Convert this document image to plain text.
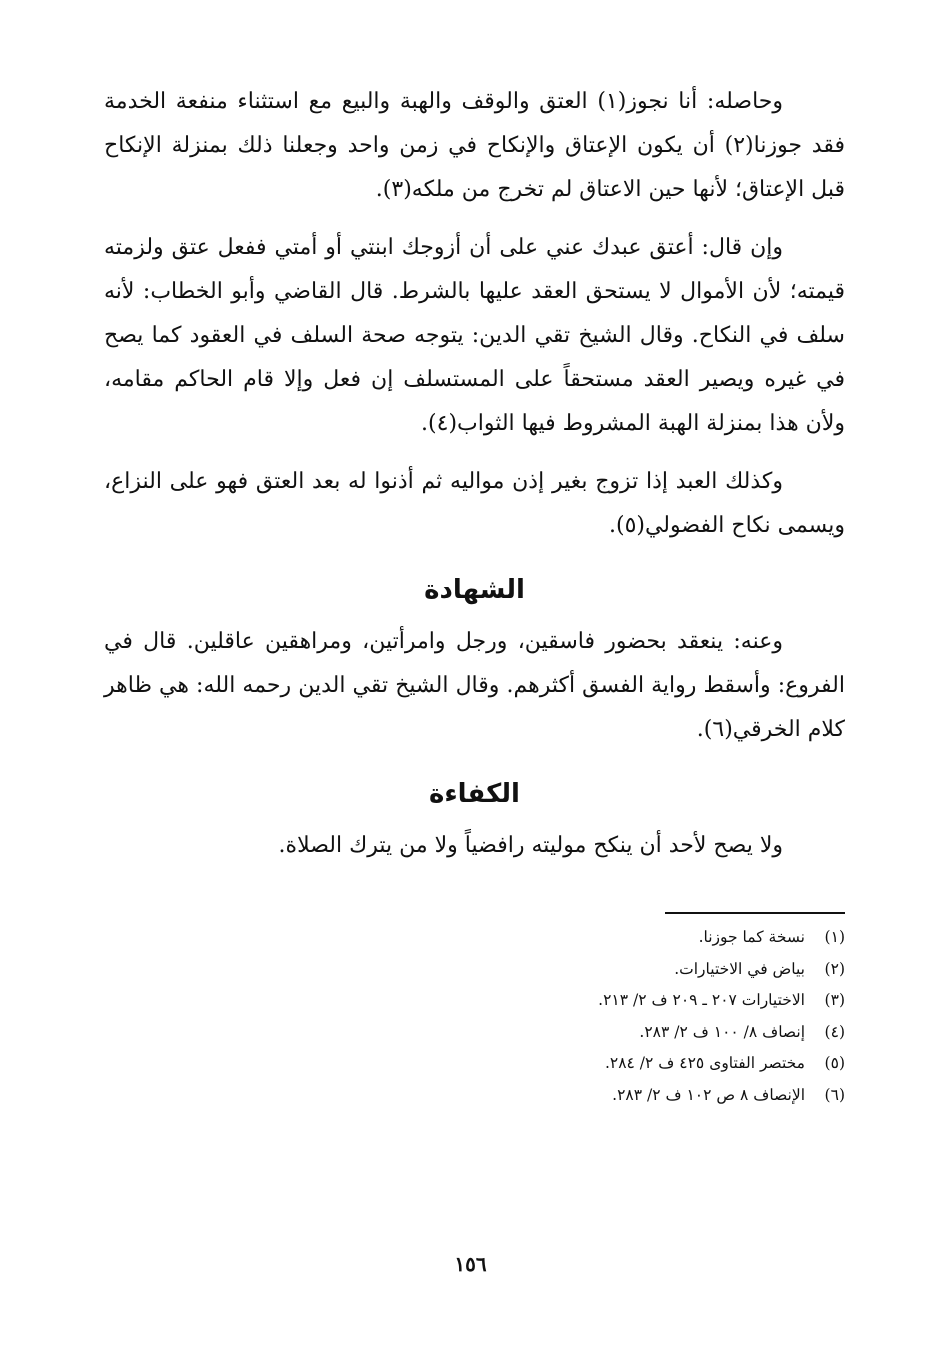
وحاصله: أنا نجوز(١) العتق والوقف والهبة والبيع مع استثناء منفعة الخدمة فقد جوزنا(٢) أن يكون الإعتاق والإنكاح في زمن واحد وجعلنا ذلك بمنزلة الإنكاح قبل الإعتاق؛ لأنها حين الاعتاق لم تخرج من ملكه(٣).

وإن قال: أعتق عبدك عني على أن أزوجك ابنتي أو أمتي ففعل عتق ولزمته قيمته؛ لأن الأموال لا يستحق العقد عليها بالشرط. قال القاضي وأبو الخطاب: لأنه سلف في النكاح. وقال الشيخ تقي الدين: يتوجه صحة السلف في العقود كما يصح في غيره ويصير العقد مستحقاً على المستسلف إن فعل وإلا قام الحاكم مقامه، ولأن هذا بمنزلة الهبة المشروط فيها الثواب(٤).

وكذلك العبد إذا تزوج بغير إذن مواليه ثم أذنوا له بعد العتق فهو على النزاع، ويسمى نكاح الفضولي(٥).

الشهادة

وعنه: ينعقد بحضور فاسقين، ورجل وامرأتين، ومراهقين عاقلين. قال في الفروع: وأسقط رواية الفسق أكثرهم. وقال الشيخ تقي الدين رحمه الله: هي ظاهر كلام الخرقي(٦).

الكفاءة

ولا يصح لأحد أن ينكح موليته رافضياً ولا من يترك الصلاة.

(١)نسخة كما جوزنا.

(٢)بياض في الاختيارات.

(٣)الاختيارات ٢٠٧ ـ ٢٠٩ ف ٢/ ٢١٣.

(٤)إنصاف ٨/ ١٠٠ ف ٢/ ٢٨٣.

(٥)مختصر الفتاوى ٤٢٥ ف ٢/ ٢٨٤.

(٦)الإنصاف ٨ ص ١٠٢ ف ٢/ ٢٨٣.

١٥٦
